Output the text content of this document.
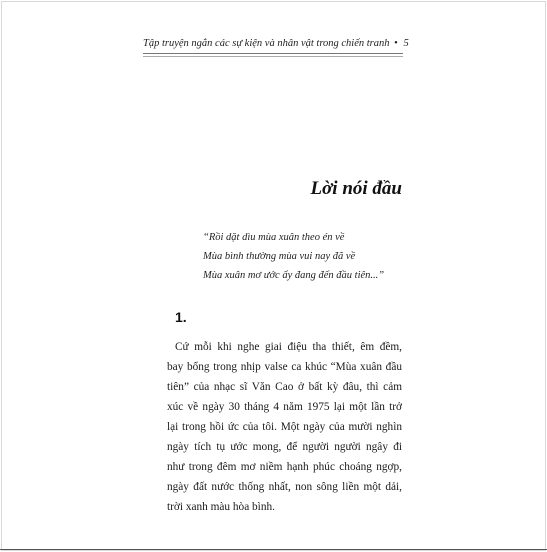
Tập truyện ngắn các sự kiện và nhân vật trong chiến tranh • 5
Lời nói đầu
“Rồi dặt dìu mùa xuân theo én về
Mùa bình thường mùa vui nay đã về
Mùa xuân mơ ước ấy đang đến đầu tiên...”
1.
Cứ mỗi khi nghe giai điệu tha thiết, êm đềm,
bay bổng trong nhịp valse ca khúc “Mùa xuân đầu
tiên” của nhạc sĩ Văn Cao ở bất kỳ đâu, thì cảm
xúc về ngày 30 tháng 4 năm 1975 lại một lần trở
lại trong hồi ức của tôi. Một ngày của mười nghìn
ngày tích tụ ước mong, để người người ngây đi
như trong đêm mơ niềm hạnh phúc choáng ngợp,
ngày đất nước thống nhất, non sông liền một dải,
trời xanh màu hòa bình.
